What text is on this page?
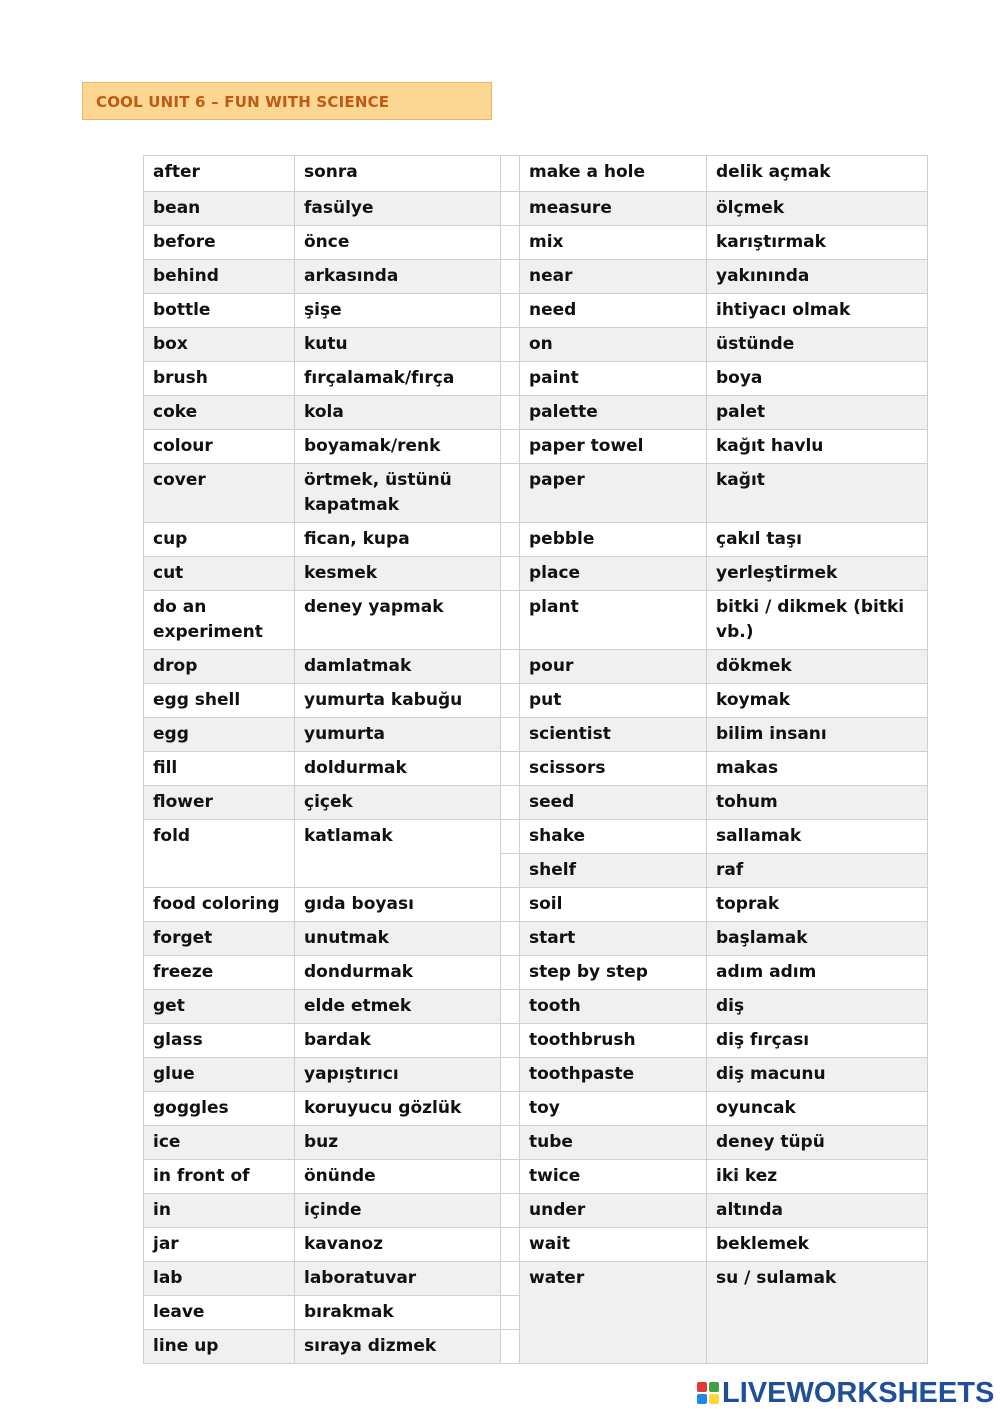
COOL UNIT 6 – FUN WITH SCIENCE
after	sonra		make a hole	delik açmak
bean	fasülye		measure	ölçmek
before	önce		mix	karıştırmak
behind	arkasında		near	yakınında
bottle	şişe		need	ihtiyacı olmak
box	kutu		on	üstünde
brush	fırçalamak/fırça		paint	boya
coke	kola		palette	palet
colour	boyamak/renk		paper towel	kağıt havlu
cover	örtmek, üstünü kapatmak		paper	kağıt
cup	fican, kupa		pebble	çakıl taşı
cut	kesmek		place	yerleştirmek
do an experiment	deney yapmak		plant	bitki / dikmek (bitki vb.)
drop	damlatmak		pour	dökmek
egg shell	yumurta kabuğu		put	koymak
egg	yumurta		scientist	bilim insanı
fill	doldurmak		scissors	makas
flower	çiçek		seed	tohum
fold	katlamak		shake	sallamak
			shelf	raf
food coloring	gıda boyası		soil	toprak
forget	unutmak		start	başlamak
freeze	dondurmak		step by step	adım adım
get	elde etmek		tooth	diş
glass	bardak		toothbrush	diş fırçası
glue	yapıştırıcı		toothpaste	diş macunu
goggles	koruyucu gözlük		toy	oyuncak
ice	buz		tube	deney tüpü
in front of	önünde		twice	iki kez
in	içinde		under	altında
jar	kavanoz		wait	beklemek
lab	laboratuvar		water	su / sulamak
leave	bırakmak			
line up	sıraya dizmek			
LIVEWORKSHEETS
